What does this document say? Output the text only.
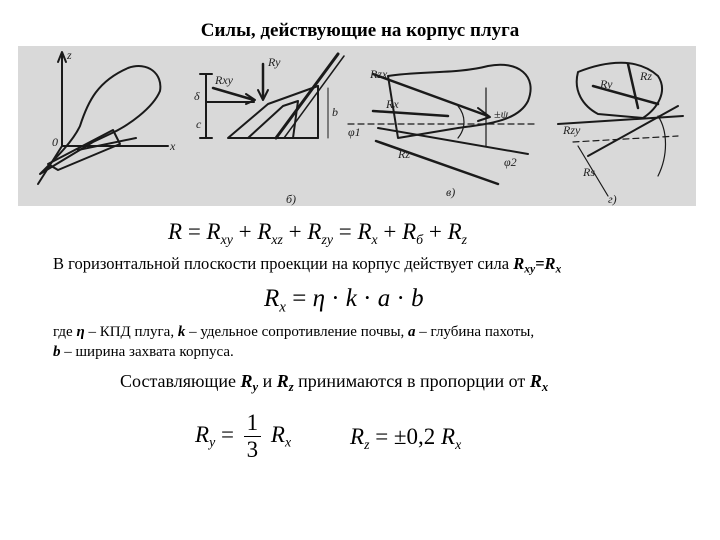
Силы, действующие на корпус плуга
z
x
0
Rxy
Ry
δ
b
c
Rzx
Rx
±ψ
Rz
φ1
φ2
Rzy
Ry
Rz
Rs
б)	в)	г)
$R = R_{xy} + R_{xz} + R_{zy} = R_x + R_б + R_z$
В горизонтальной плоскости проекции на корпус действует сила $R_{xy}=R_x$
$R_x = \eta \cdot k \cdot a \cdot b$
где η – КПД плуга, k – удельное сопротивление почвы, а – глубина пахоты,
b – ширина захвата корпуса.
Составляющие $R_y$ и $R_z$ принимаются в пропорции от $R_x$
$R_y = \frac{1}{3} R_x$	$R_z = \pm 0,2$ $R_x$
